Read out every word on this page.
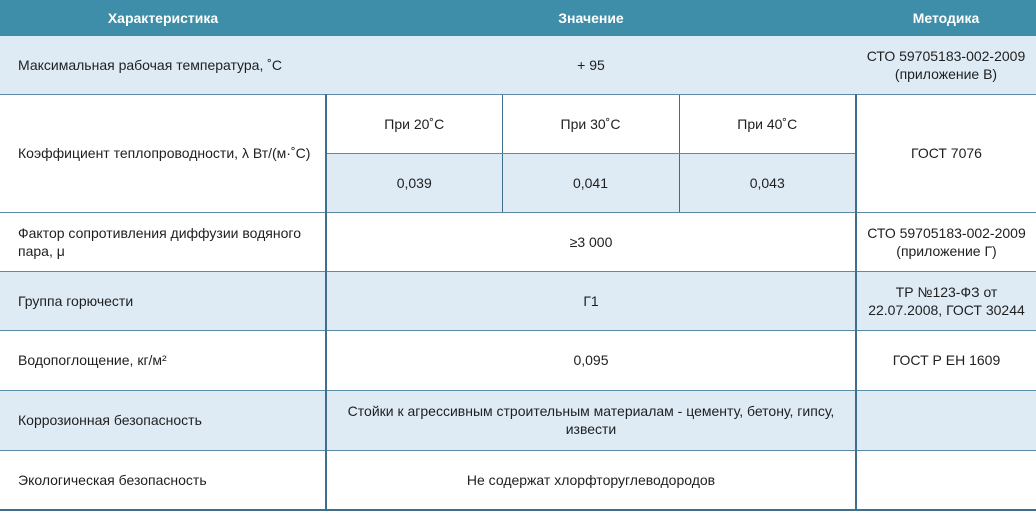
Характеристика	Значение			Методика
Максимальная рабочая температура, ˚С	+ 95			СТО 59705183-002-2009 (приложение В)
Коэффициент теплопроводности, λ Вт/(м·˚С)	При 20˚С	При 30˚С	При 40˚С	ГОСТ 7076
	0,039	0,041	0,043	
Фактор сопротивления диффузии водяного пара, μ	≥3 000			СТО 59705183-002-2009 (приложение Г)
Группа горючести	Г1			ТР №123-ФЗ от 22.07.2008, ГОСТ 30244
Водопоглощение, кг/м²	0,095			ГОСТ Р ЕН 1609
Коррозионная безопасность	Стойки к агрессивным строительным материалам - цементу, бетону, гипсу, извести			
Экологическая безопасность	Не содержат хлорфторуглеводородов			
